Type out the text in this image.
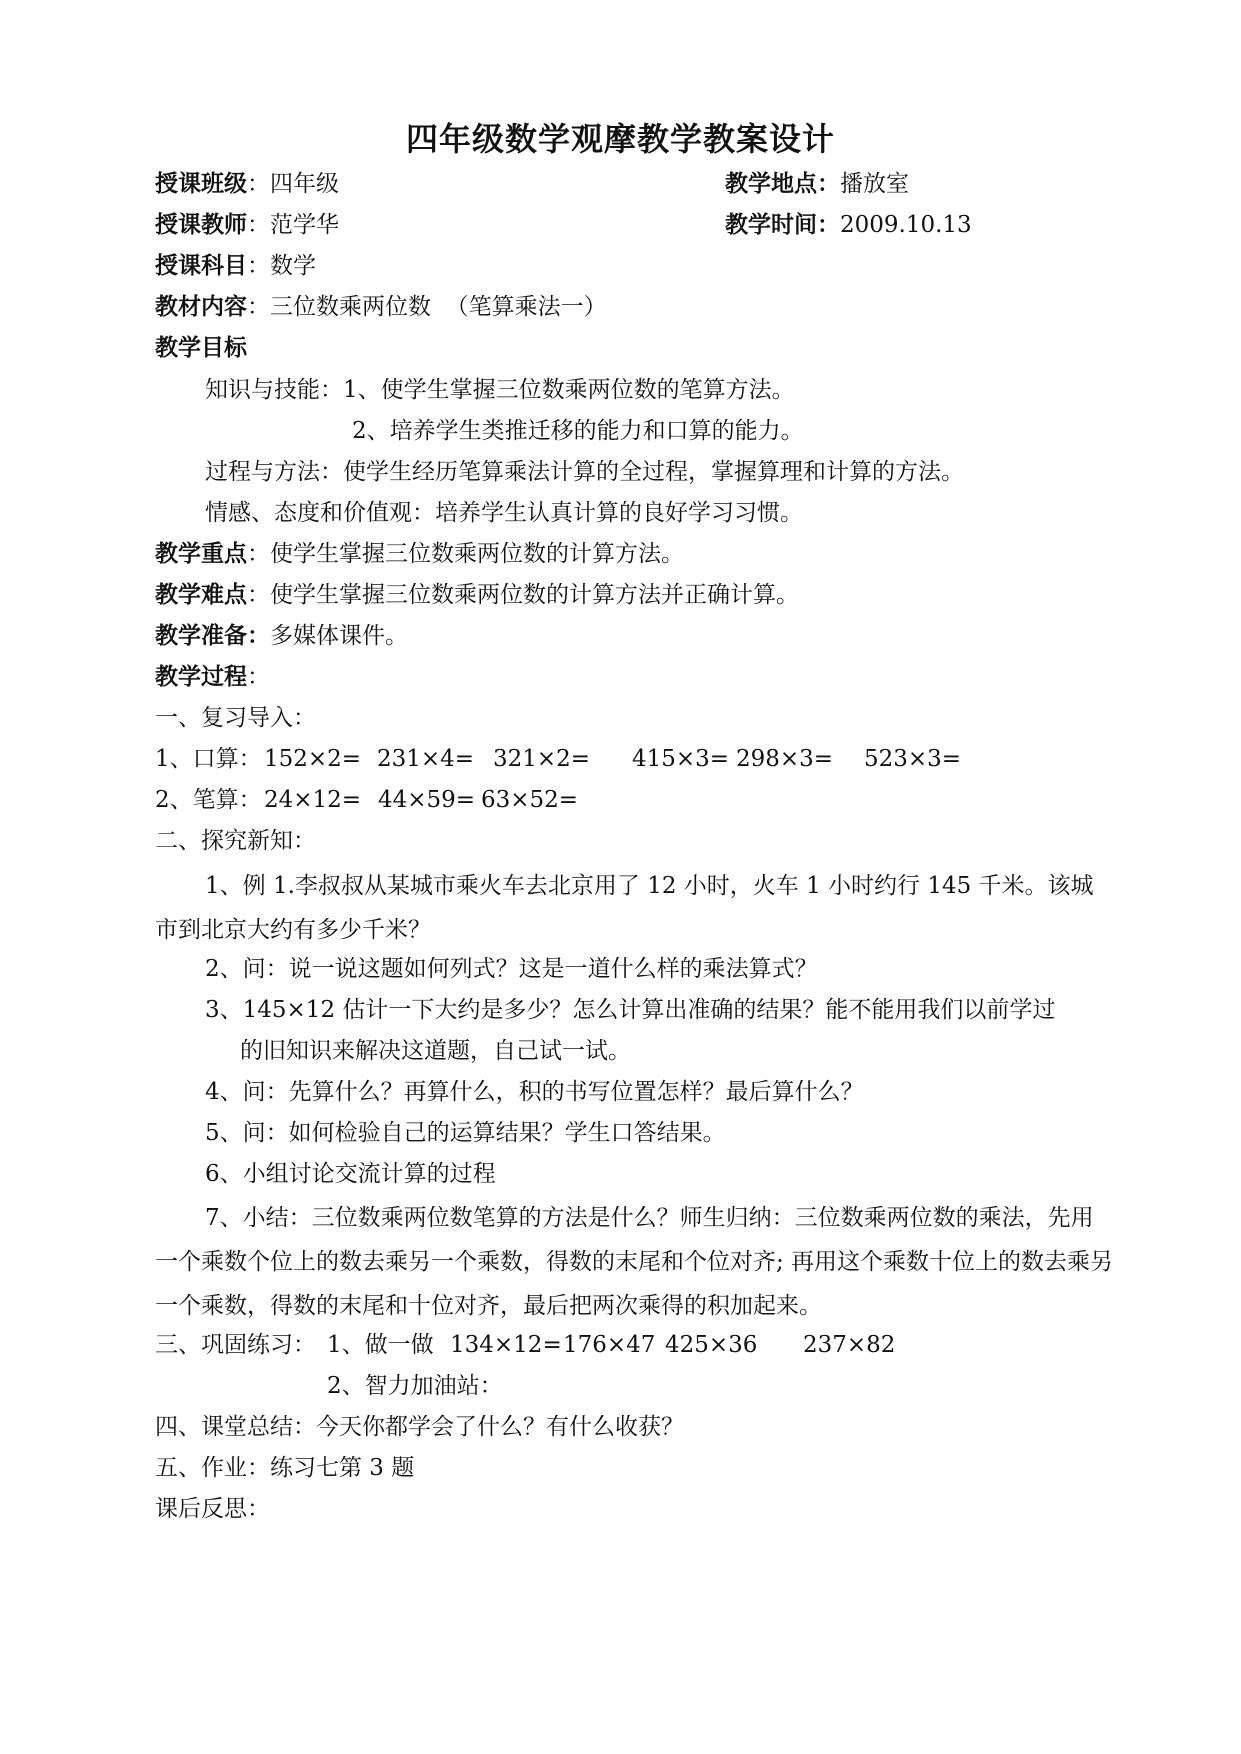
四年级数学观摩教学教案设计
授课班级：四年级	教学地点：播放室
授课教师：范学华	教学时间：2009.10.13
授课科目：数学
教材内容：三位数乘两位数  （笔算乘法一）
教学目标
知识与技能：1、使学生掌握三位数乘两位数的笔算方法。
2、培养学生类推迁移的能力和口算的能力。
过程与方法：使学生经历笔算乘法计算的全过程，掌握算理和计算的方法。
情感、态度和价值观：培养学生认真计算的良好学习习惯。
教学重点：使学生掌握三位数乘两位数的计算方法。
教学难点：使学生掌握三位数乘两位数的计算方法并正确计算。
教学准备：多媒体课件。
教学过程：
一、复习导入：
1、口算： 152×2= 231×4= 321×2= 415×3= 298×3= 523×3=
2、笔算： 24×12= 44×59= 63×52=
二、探究新知：
1、例 1.李叔叔从某城市乘火车去北京用了 12 小时，火车 1 小时约行 145 千米。该城市到北京大约有多少千米？
2、问：说一说这题如何列式？这是一道什么样的乘法算式？
3、145×12 估计一下大约是多少？怎么计算出准确的结果？能不能用我们以前学过
的旧知识来解决这道题，自己试一试。
4、问：先算什么？再算什么，积的书写位置怎样？最后算什么？
5、问：如何检验自己的运算结果？学生口答结果。
6、小组讨论交流计算的过程
7、小结：三位数乘两位数笔算的方法是什么？师生归纳：三位数乘两位数的乘法，先用一个乘数个位上的数去乘另一个乘数，得数的末尾和个位对齐; 再用这个乘数十位上的数去乘另一个乘数，得数的末尾和十位对齐，最后把两次乘得的积加起来。
三、巩固练习： 1、做一做 134×12= 176×47 425×36 237×82
2、智力加油站：
四、课堂总结：今天你都学会了什么？有什么收获？
五、作业：练习七第 3 题
课后反思：
